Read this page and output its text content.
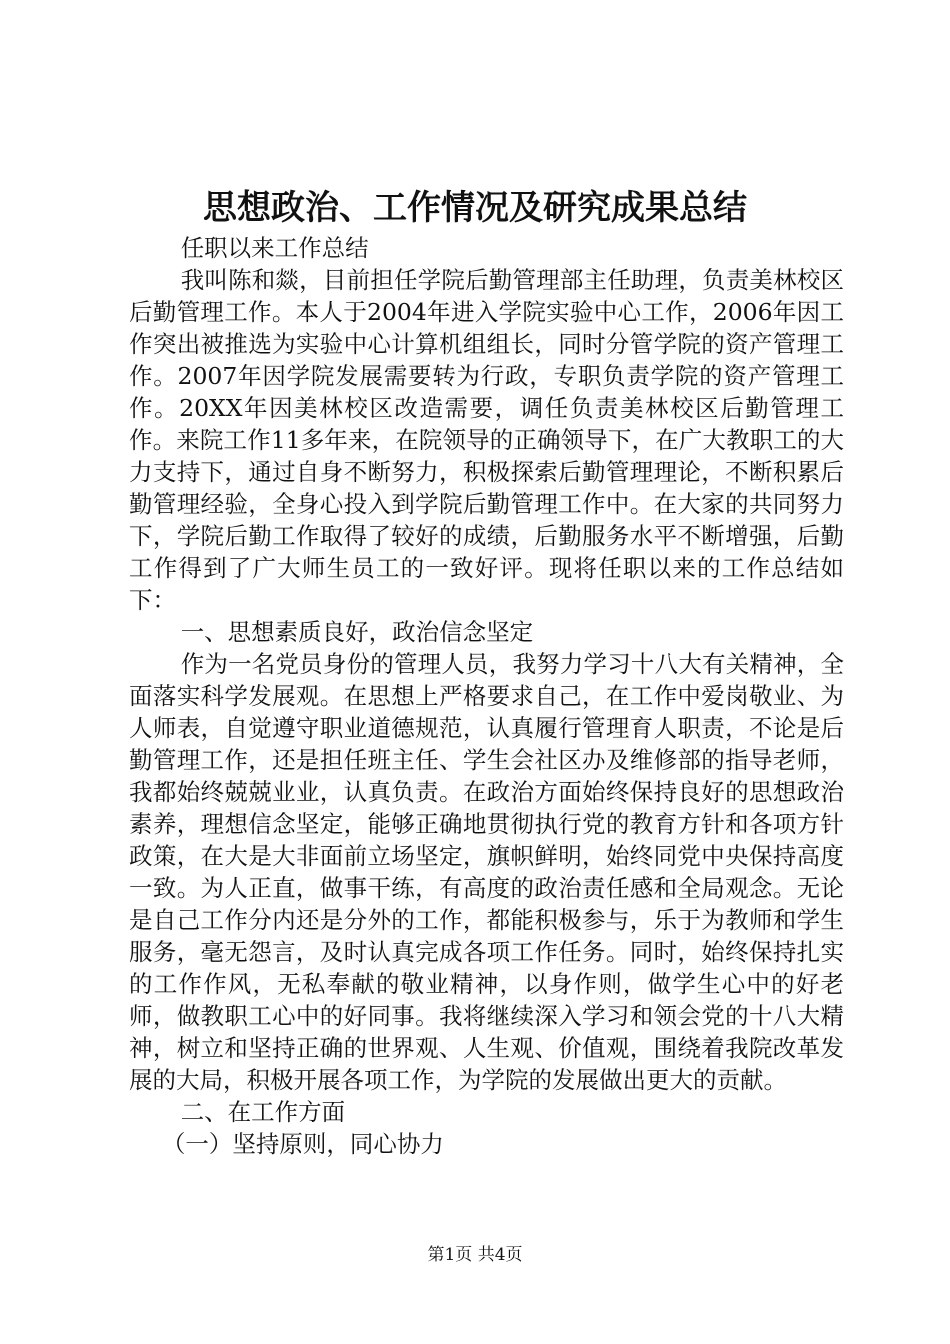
思想政治、工作情况及研究成果总结

任职以来工作总结

我叫陈和燚，目前担任学院后勤管理部主任助理，负责美林校区后勤管理工作。本人于2004年进入学院实验中心工作，2006年因工作突出被推选为实验中心计算机组组长，同时分管学院的资产管理工作。2007年因学院发展需要转为行政，专职负责学院的资产管理工作。20XX年因美林校区改造需要，调任负责美林校区后勤管理工作。来院工作11多年来，在院领导的正确领导下，在广大教职工的大力支持下，通过自身不断努力，积极探索后勤管理理论，不断积累后勤管理经验，全身心投入到学院后勤管理工作中。在大家的共同努力下，学院后勤工作取得了较好的成绩，后勤服务水平不断增强，后勤工作得到了广大师生员工的一致好评。现将任职以来的工作总结如下：

一、思想素质良好，政治信念坚定

作为一名党员身份的管理人员，我努力学习十八大有关精神，全面落实科学发展观。在思想上严格要求自己，在工作中爱岗敬业、为人师表，自觉遵守职业道德规范，认真履行管理育人职责，不论是后勤管理工作，还是担任班主任、学生会社区办及维修部的指导老师，我都始终兢兢业业，认真负责。在政治方面始终保持良好的思想政治素养，理想信念坚定，能够正确地贯彻执行党的教育方针和各项方针政策，在大是大非面前立场坚定，旗帜鲜明，始终同党中央保持高度一致。为人正直，做事干练，有高度的政治责任感和全局观念。无论是自己工作分内还是分外的工作，都能积极参与，乐于为教师和学生服务，毫无怨言，及时认真完成各项工作任务。同时，始终保持扎实的工作作风，无私奉献的敬业精神，以身作则，做学生心中的好老师，做教职工心中的好同事。我将继续深入学习和领会党的十八大精神，树立和坚持正确的世界观、人生观、价值观，围绕着我院改革发展的大局，积极开展各项工作，为学院的发展做出更大的贡献。

二、在工作方面

（一）坚持原则，同心协力

第1页 共4页
